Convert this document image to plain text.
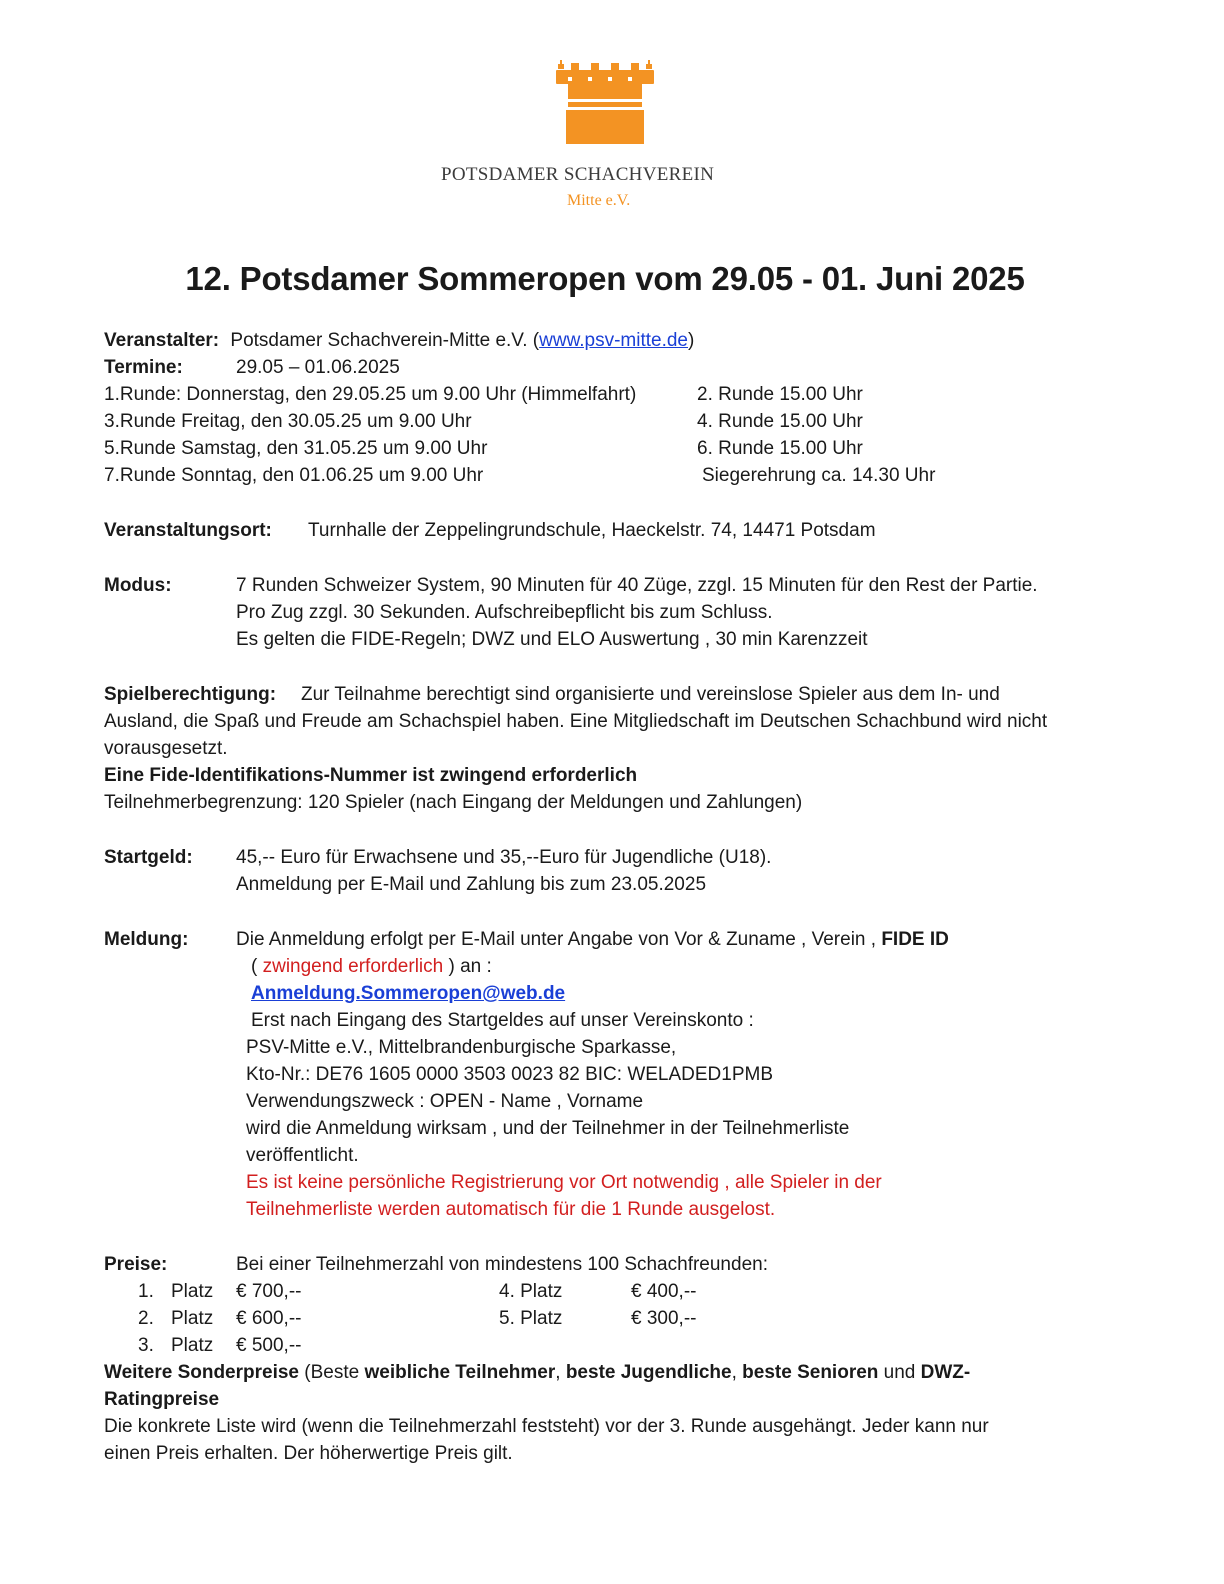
POTSDAMER SCHACHVEREIN
Mitte e.V.
12. Potsdamer Sommeropen vom 29.05 - 01. Juni 2025
Veranstalter: Potsdamer Schachverein-Mitte e.V. (www.psv-mitte.de)
Termine:	29.05 – 01.06.2025
1.Runde: Donnerstag, den 29.05.25 um 9.00 Uhr (Himmelfahrt)	2. Runde 15.00 Uhr
3.Runde Freitag, den 30.05.25 um 9.00 Uhr	4. Runde 15.00 Uhr
5.Runde Samstag, den 31.05.25 um 9.00 Uhr	6. Runde 15.00 Uhr
7.Runde Sonntag, den 01.06.25 um 9.00 Uhr	Siegerehrung ca. 14.30 Uhr
Veranstaltungsort: Turnhalle der Zeppelingrundschule, Haeckelstr. 74, 14471 Potsdam
Modus:	7 Runden Schweizer System, 90 Minuten für 40 Züge, zzgl. 15 Minuten für den Rest der Partie.
Pro Zug zzgl. 30 Sekunden. Aufschreibepflicht bis zum Schluss.
Es gelten die FIDE-Regeln; DWZ und ELO Auswertung , 30 min Karenzzeit
Spielberechtigung: Zur Teilnahme berechtigt sind organisierte und vereinslose Spieler aus dem In- und
Ausland, die Spaß und Freude am Schachspiel haben. Eine Mitgliedschaft im Deutschen Schachbund wird nicht
vorausgesetzt.
Eine Fide-Identifikations-Nummer ist zwingend erforderlich
Teilnehmerbegrenzung: 120 Spieler (nach Eingang der Meldungen und Zahlungen)
Startgeld: 45,-- Euro für Erwachsene und 35,--Euro für Jugendliche (U18).
Anmeldung per E-Mail und Zahlung bis zum 23.05.2025
Meldung:	Die Anmeldung erfolgt per E-Mail unter Angabe von Vor & Zuname , Verein , FIDE ID
( zwingend erforderlich ) an :
Anmeldung.Sommeropen@web.de
Erst nach Eingang des Startgeldes auf unser Vereinskonto :
PSV-Mitte e.V., Mittelbrandenburgische Sparkasse,
Kto-Nr.: DE76 1605 0000 3503 0023 82 BIC: WELADED1PMB
Verwendungszweck : OPEN - Name , Vorname
wird die Anmeldung wirksam , und der Teilnehmer in der Teilnehmerliste
veröffentlicht.
Es ist keine persönliche Registrierung vor Ort notwendig , alle Spieler in der
Teilnehmerliste werden automatisch für die 1 Runde ausgelost.
Preise:	Bei einer Teilnehmerzahl von mindestens 100 Schachfreunden:
1. Platz € 700,--	4. Platz	€ 400,--
2. Platz € 600,--	5. Platz	€ 300,--
3. Platz € 500,--
Weitere Sonderpreise (Beste weibliche Teilnehmer, beste Jugendliche, beste Senioren und DWZ-
Ratingpreise
Die konkrete Liste wird (wenn die Teilnehmerzahl feststeht) vor der 3. Runde ausgehängt. Jeder kann nur
einen Preis erhalten. Der höherwertige Preis gilt.
